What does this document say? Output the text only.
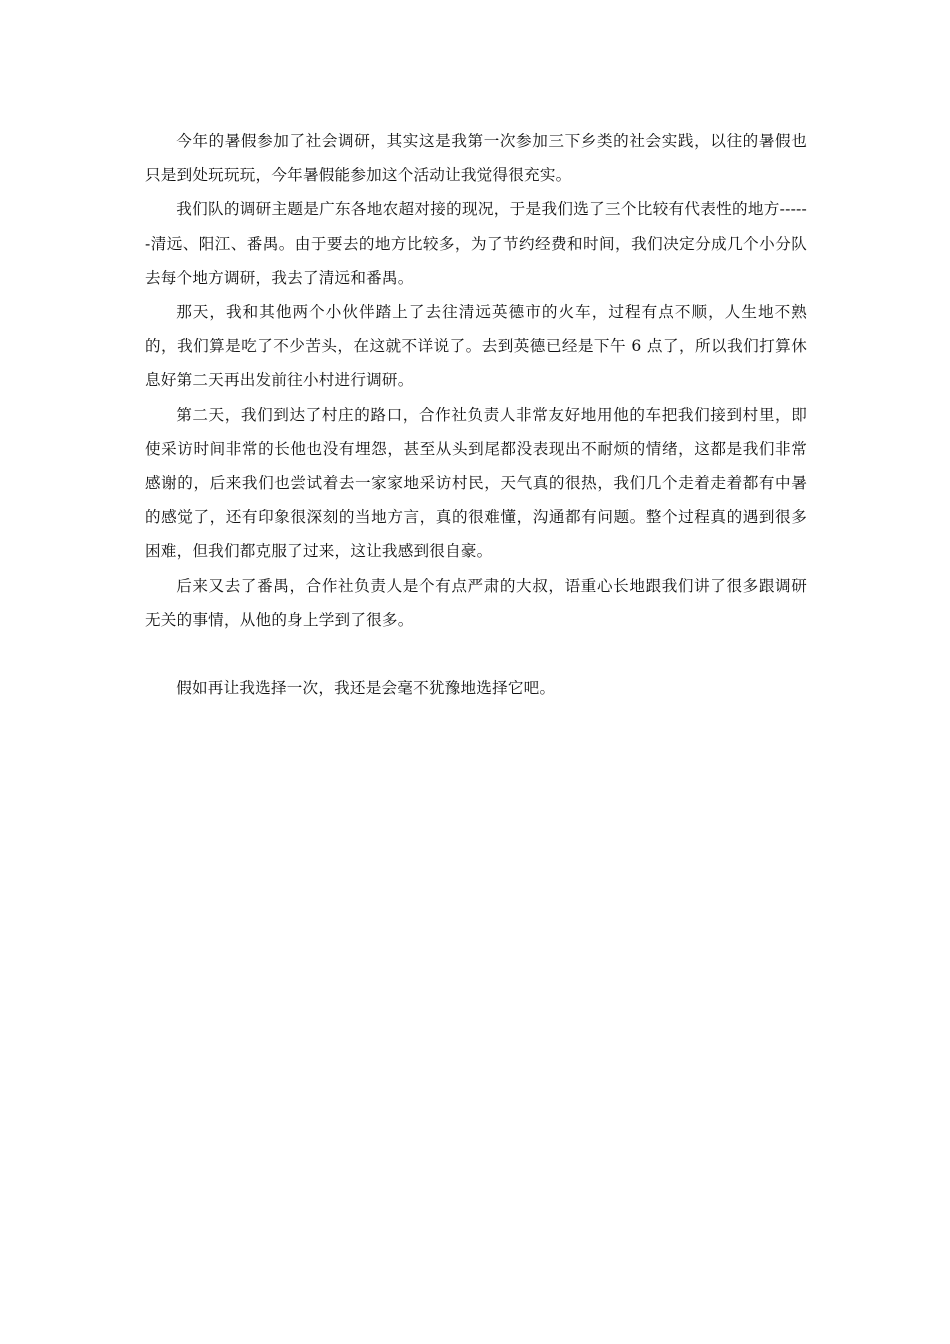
今年的暑假参加了社会调研，其实这是我第一次参加三下乡类的社会实践，以往的暑假也只是到处玩玩玩，今年暑假能参加这个活动让我觉得很充实。

我们队的调研主题是广东各地农超对接的现况，于是我们选了三个比较有代表性的地方------清远、阳江、番禺。由于要去的地方比较多，为了节约经费和时间，我们决定分成几个小分队去每个地方调研，我去了清远和番禺。

那天，我和其他两个小伙伴踏上了去往清远英德市的火车，过程有点不顺，人生地不熟的，我们算是吃了不少苦头，在这就不详说了。去到英德已经是下午 6 点了，所以我们打算休息好第二天再出发前往小村进行调研。

第二天，我们到达了村庄的路口，合作社负责人非常友好地用他的车把我们接到村里，即使采访时间非常的长他也没有埋怨，甚至从头到尾都没表现出不耐烦的情绪，这都是我们非常感谢的，后来我们也尝试着去一家家地采访村民，天气真的很热，我们几个走着走着都有中暑的感觉了，还有印象很深刻的当地方言，真的很难懂，沟通都有问题。整个过程真的遇到很多困难，但我们都克服了过来，这让我感到很自豪。

后来又去了番禺，合作社负责人是个有点严肃的大叔，语重心长地跟我们讲了很多跟调研无关的事情，从他的身上学到了很多。

假如再让我选择一次，我还是会毫不犹豫地选择它吧。
